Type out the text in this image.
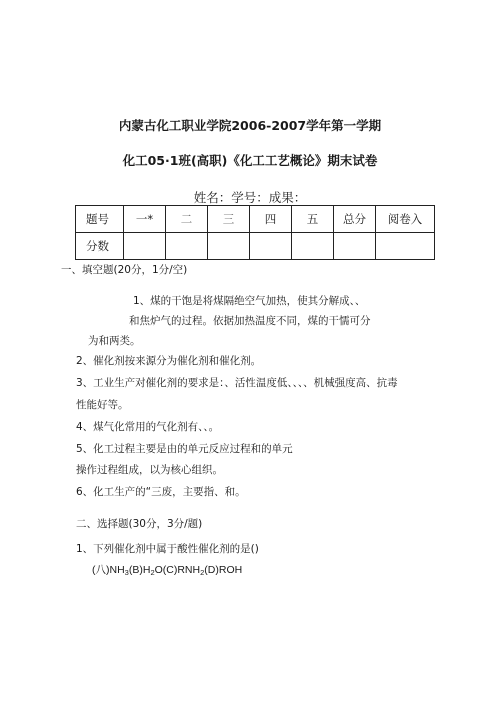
内蒙古化工职业学院2006-2007学年第一学期
化工05·1班(高职)《化工工艺概论》期末试卷
姓名：学号：成果：
题号	一*	二	三	四	五	总分	阅卷入
分数							
一、填空题(20分，1分/空)
1、煤的干饱是将煤隔绝空气加热，使其分解成、、
和焦炉气的过程。依据加热温度不同，煤的干懦可分
为和两类。
2、催化剂按来源分为催化剂和催化剂。
3、工业生产对催化剂的要求是：、活性温度低、、、、机械强度高、抗毒
性能好等。
4、煤气化常用的气化剂有、、。
5、化工过程主要是由的单元反应过程和的单元
操作过程组成，以为核心组织。
6、化工生产的“三废，主要指、和。
二、选择题(30分，3分/题)
1、下列催化剂中属于酸性催化剂的是()
(八)$NH_3(B)H_2O(C)RNH_2(D)ROH$
